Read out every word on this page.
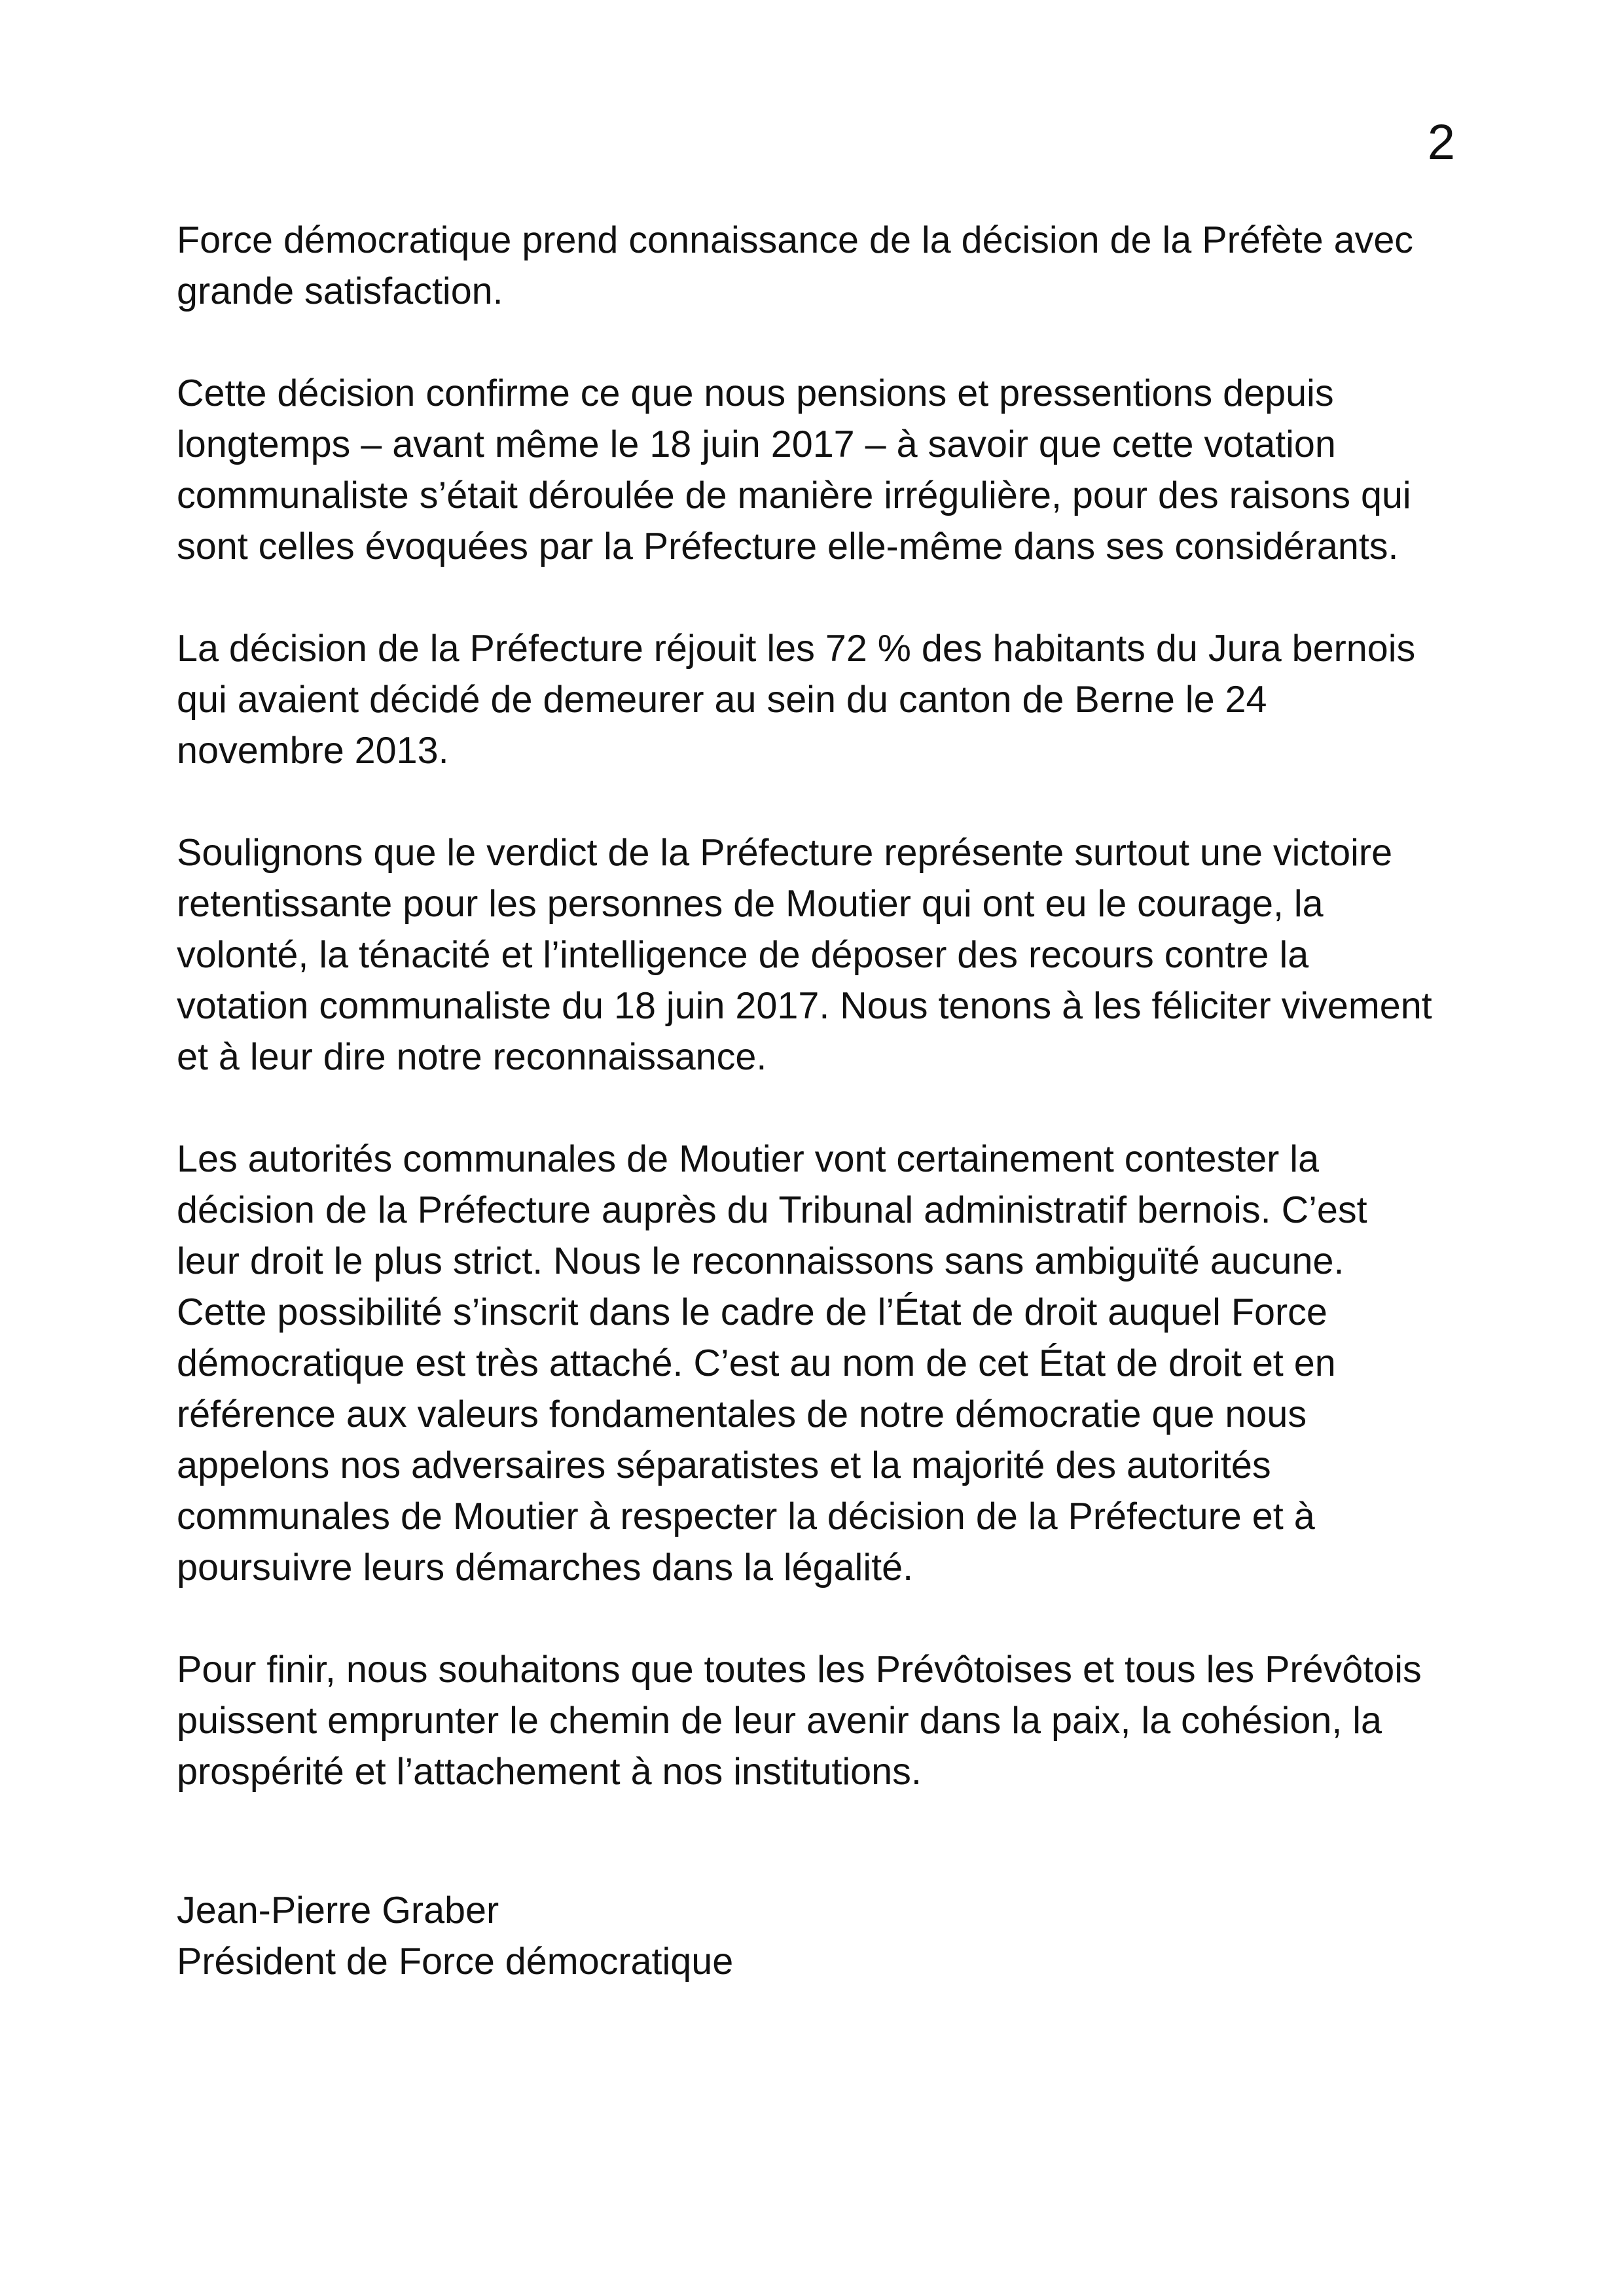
2
Force démocratique prend connaissance de la décision de la Préfète avec
grande satisfaction.
Cette décision confirme ce que nous pensions et pressentions depuis
longtemps – avant même le 18 juin 2017 – à savoir que cette votation
communaliste s’était déroulée de manière irrégulière, pour des raisons qui
sont celles évoquées par la Préfecture elle-même dans ses considérants.
La décision de la Préfecture réjouit les 72 % des habitants du Jura bernois
qui avaient décidé de demeurer au sein du canton de Berne le 24
novembre 2013.
Soulignons que le verdict de la Préfecture représente surtout une victoire
retentissante pour les personnes de Moutier qui ont eu le courage, la
volonté, la ténacité et l’intelligence de déposer des recours contre la
votation communaliste du 18 juin 2017. Nous tenons à les féliciter vivement
et à leur dire notre reconnaissance.
Les autorités communales de Moutier vont certainement contester la
décision de la Préfecture auprès du Tribunal administratif bernois. C’est
leur droit le plus strict. Nous le reconnaissons sans ambiguïté aucune.
Cette possibilité s’inscrit dans le cadre de l’État de droit auquel Force
démocratique est très attaché. C’est au nom de cet État de droit et en
référence aux valeurs fondamentales de notre démocratie que nous
appelons nos adversaires séparatistes et la majorité des autorités
communales de Moutier à respecter la décision de la Préfecture et à
poursuivre leurs démarches dans la légalité.
Pour finir, nous souhaitons que toutes les Prévôtoises et tous les Prévôtois
puissent emprunter le chemin de leur avenir dans la paix, la cohésion, la
prospérité et l’attachement à nos institutions.
Jean-Pierre Graber
Président de Force démocratique
